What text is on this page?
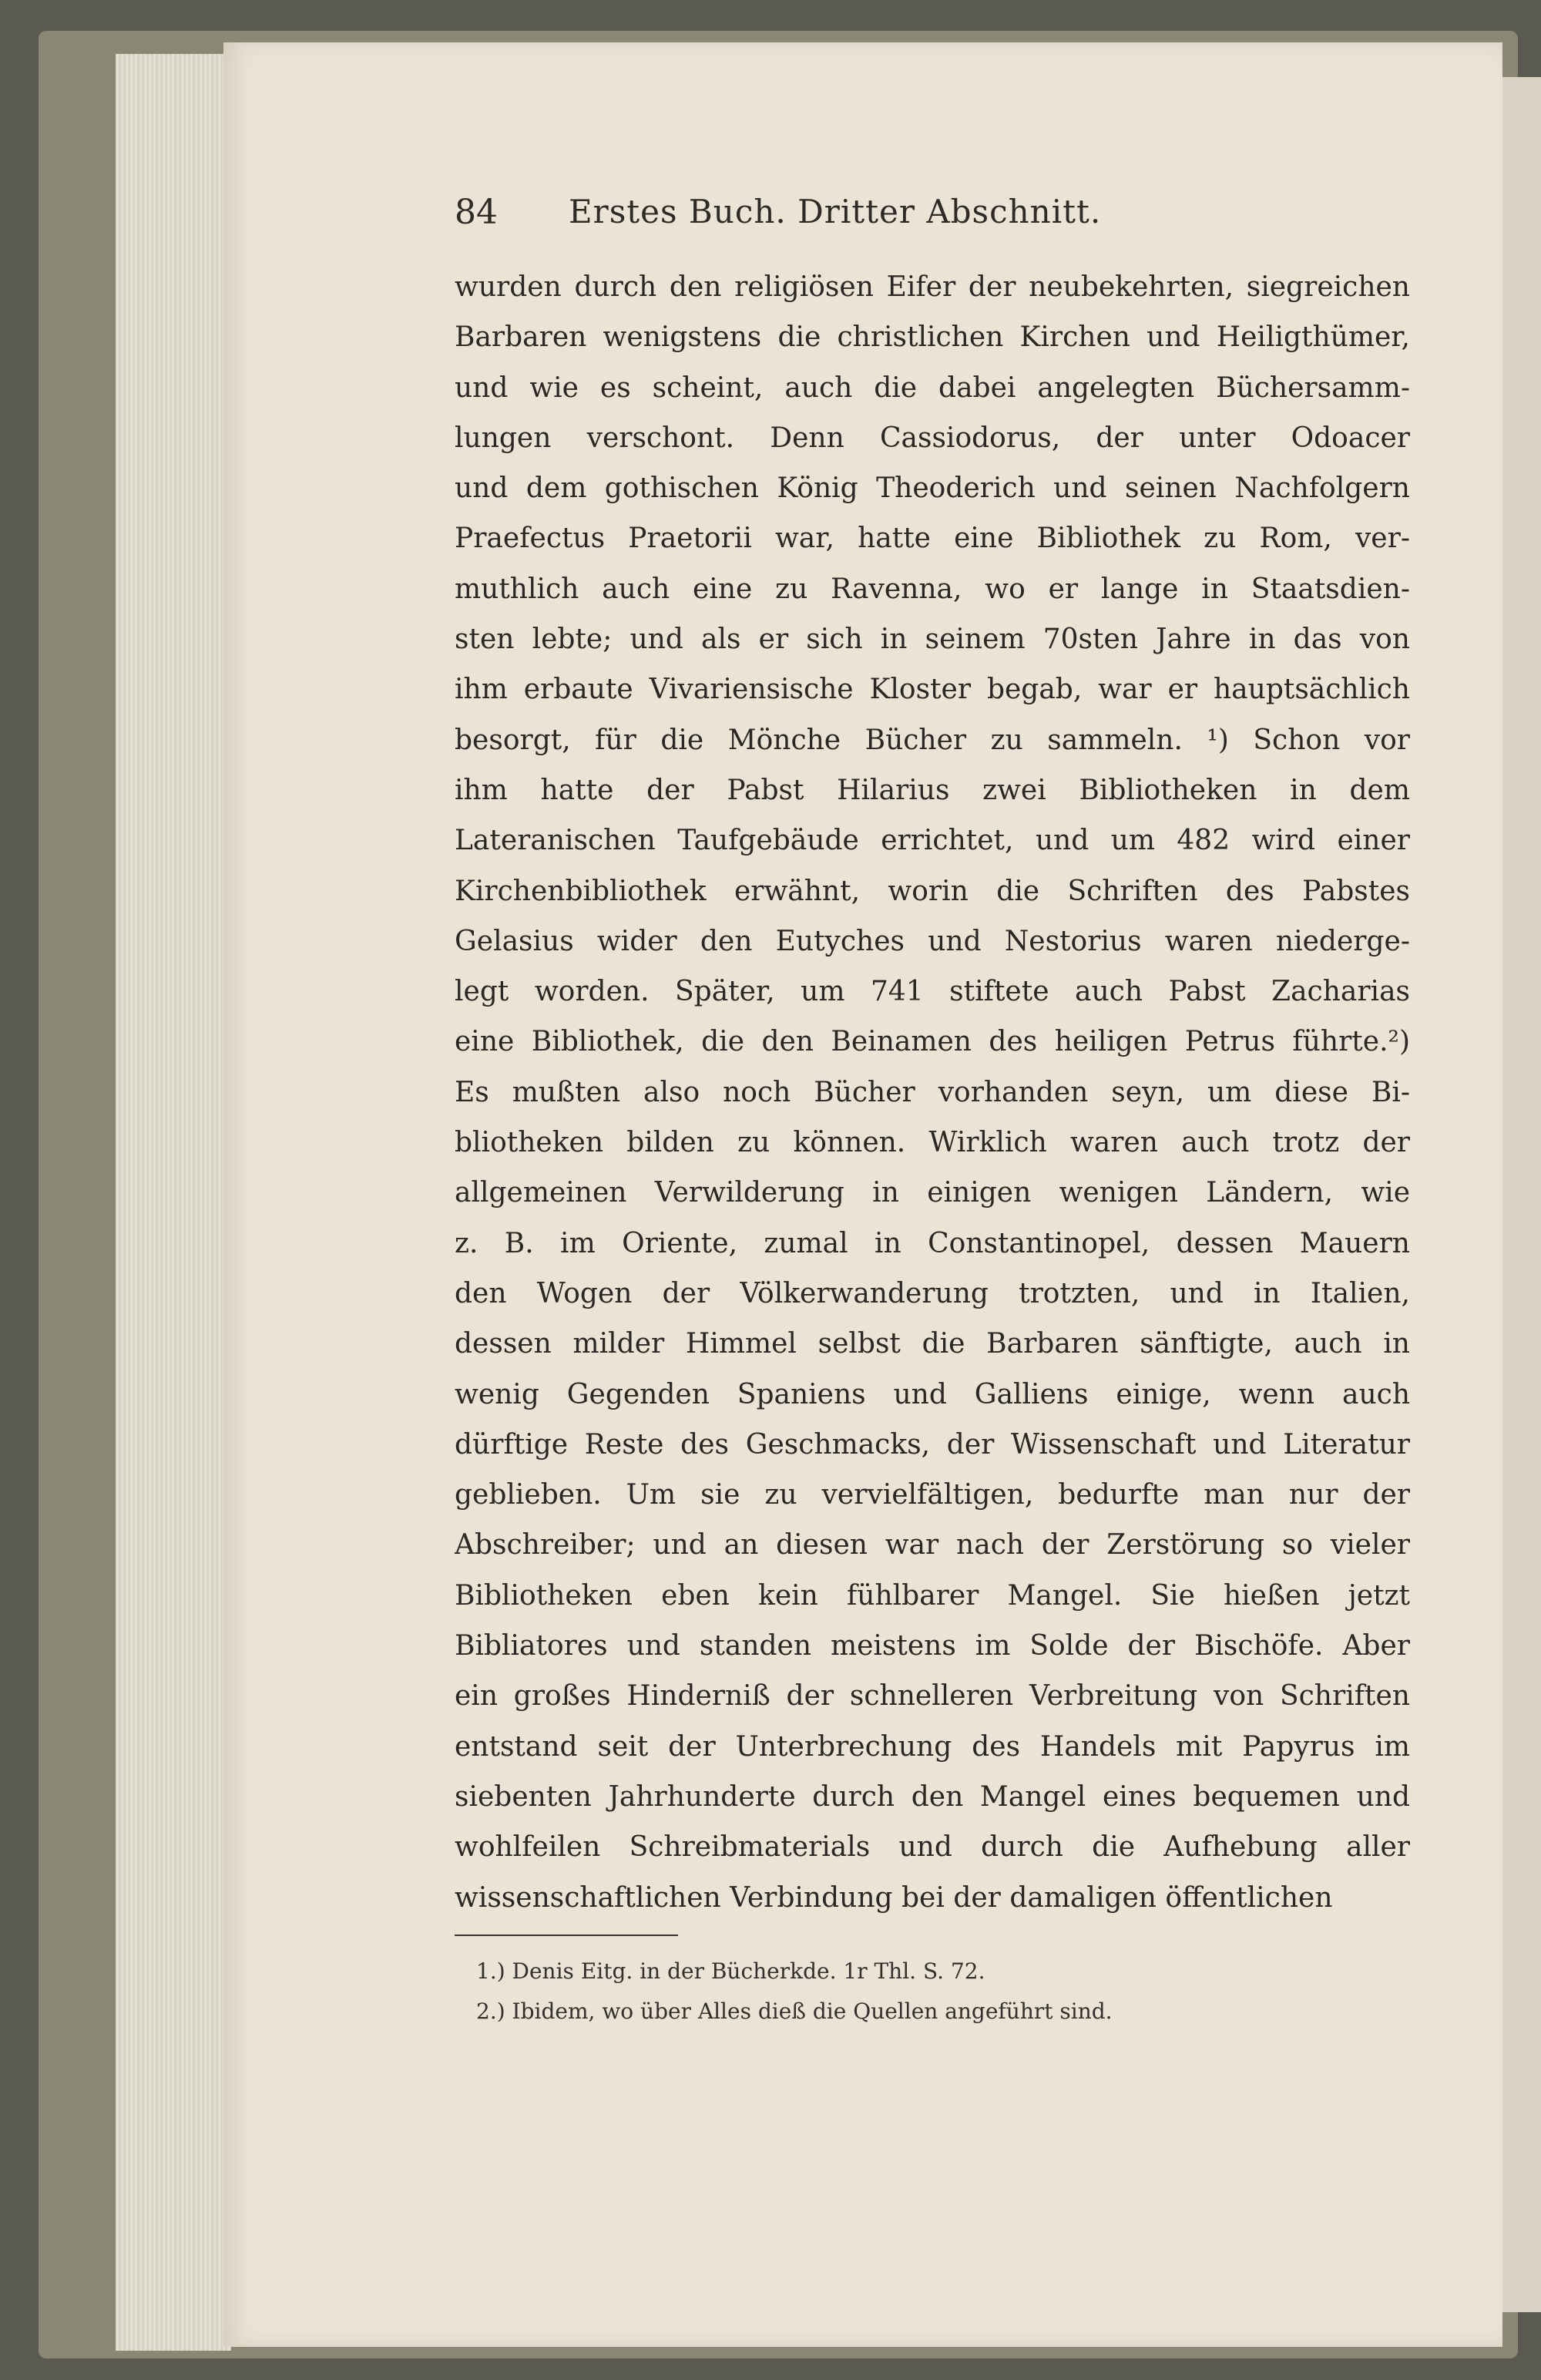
84 Erstes Buch. Dritter Abschnitt.
wurden durch den religiösen Eifer der neubekehrten, siegreichen
Barbaren wenigstens die christlichen Kirchen und Heiligthümer,
und wie es scheint, auch die dabei angelegten Büchersamm-
lungen verschont. Denn Cassiodorus, der unter Odoacer
und dem gothischen König Theoderich und seinen Nachfolgern
Praefectus Praetorii war, hatte eine Bibliothek zu Rom, ver-
muthlich auch eine zu Ravenna, wo er lange in Staatsdien-
sten lebte; und als er sich in seinem 70sten Jahre in das von
ihm erbaute Vivariensische Kloster begab, war er hauptsächlich
besorgt, für die Mönche Bücher zu sammeln. ¹) Schon vor
ihm hatte der Pabst Hilarius zwei Bibliotheken in dem
Lateranischen Taufgebäude errichtet, und um 482 wird einer
Kirchenbibliothek erwähnt, worin die Schriften des Pabstes
Gelasius wider den Eutyches und Nestorius waren niederge-
legt worden. Später, um 741 stiftete auch Pabst Zacharias
eine Bibliothek, die den Beinamen des heiligen Petrus führte.²)
Es mußten also noch Bücher vorhanden seyn, um diese Bi-
bliotheken bilden zu können. Wirklich waren auch trotz der
allgemeinen Verwilderung in einigen wenigen Ländern, wie
z. B. im Oriente, zumal in Constantinopel, dessen Mauern
den Wogen der Völkerwanderung trotzten, und in Italien,
dessen milder Himmel selbst die Barbaren sänftigte, auch in
wenig Gegenden Spaniens und Galliens einige, wenn auch
dürftige Reste des Geschmacks, der Wissenschaft und Literatur
geblieben. Um sie zu vervielfältigen, bedurfte man nur der
Abschreiber; und an diesen war nach der Zerstörung so vieler
Bibliotheken eben kein fühlbarer Mangel. Sie hießen jetzt
Bibliatores und standen meistens im Solde der Bischöfe. Aber
ein großes Hinderniß der schnelleren Verbreitung von Schriften
entstand seit der Unterbrechung des Handels mit Papyrus im
siebenten Jahrhunderte durch den Mangel eines bequemen und
wohlfeilen Schreibmaterials und durch die Aufhebung aller
wissenschaftlichen Verbindung bei der damaligen öffentlichen
1.) Denis Eitg. in der Bücherkde. 1r Thl. S. 72.
2.) Ibidem, wo über Alles dieß die Quellen angeführt sind.
